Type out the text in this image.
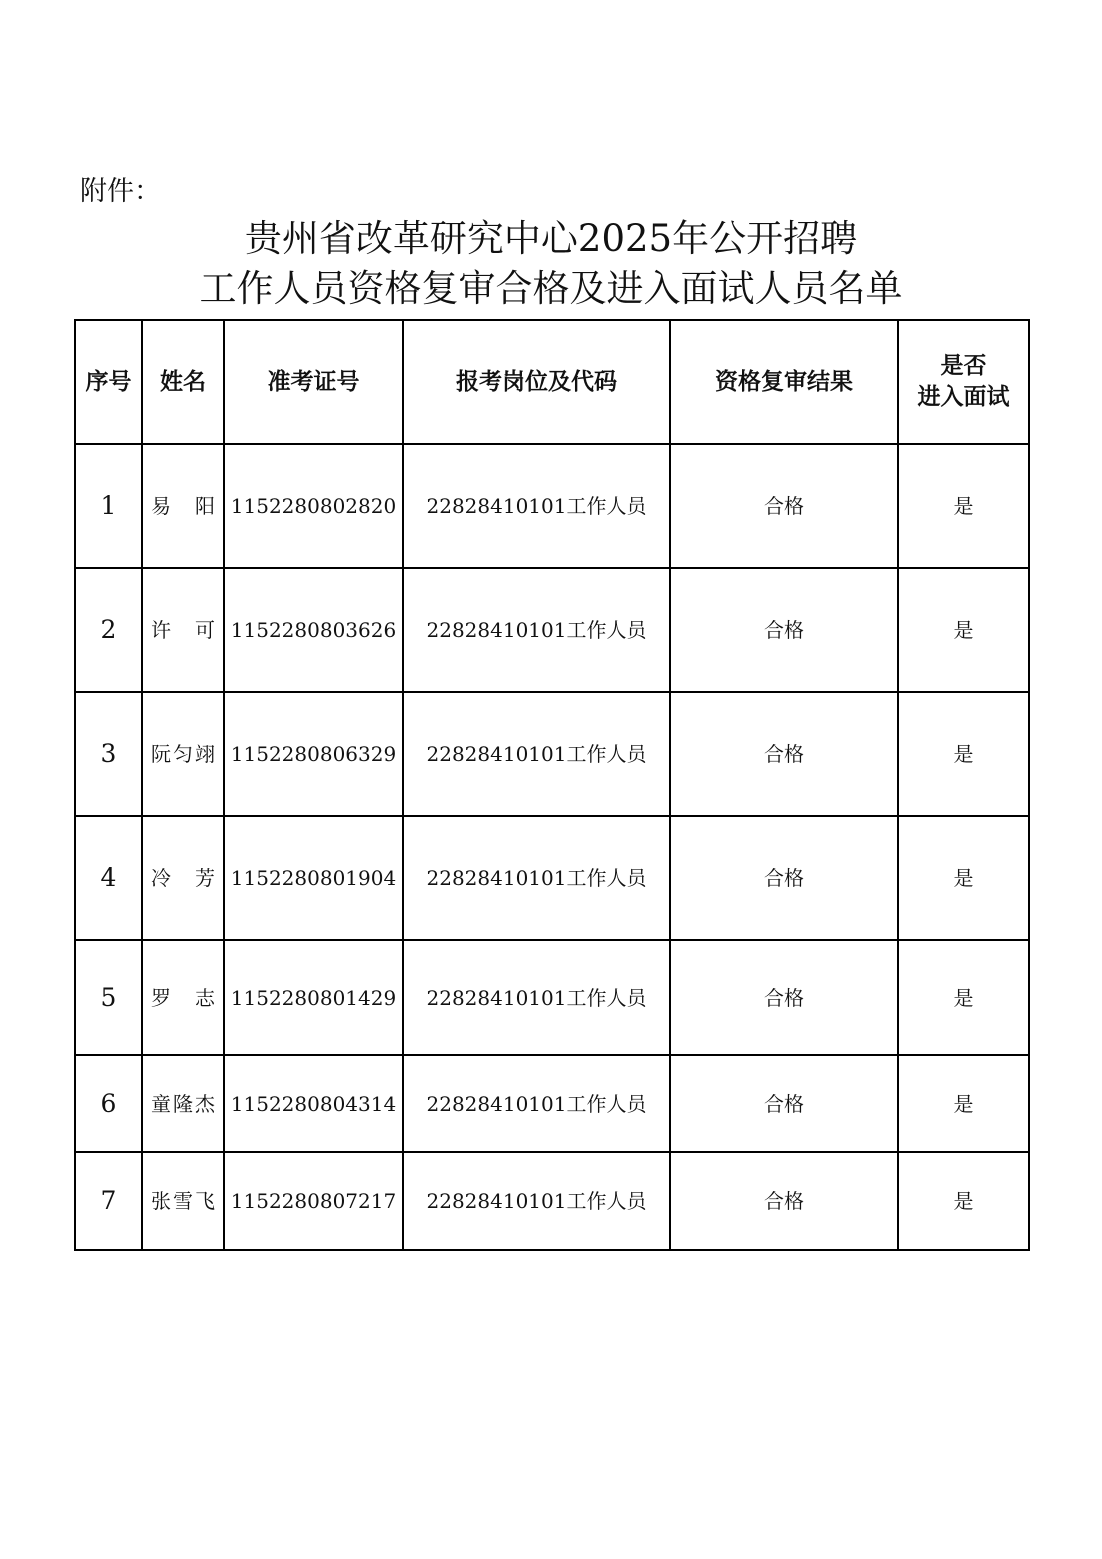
附件：
贵州省改革研究中心2025年公开招聘
工作人员资格复审合格及进入面试人员名单
序号	姓名	准考证号	报考岗位及代码	资格复审结果	是否
进入面试

1	易　阳	1152280802820	22828410101工作人员	合格	是
2	许　可	1152280803626	22828410101工作人员	合格	是
3	阮匀翊	1152280806329	22828410101工作人员	合格	是
4	冷 芳	1152280801904	22828410101工作人员	合格	是
5	罗　志	1152280801429	22828410101工作人员	合格	是
6	童隆杰	1152280804314	22828410101工作人员	合格	是
7	张雪飞	1152280807217	22828410101工作人员	合格	是
